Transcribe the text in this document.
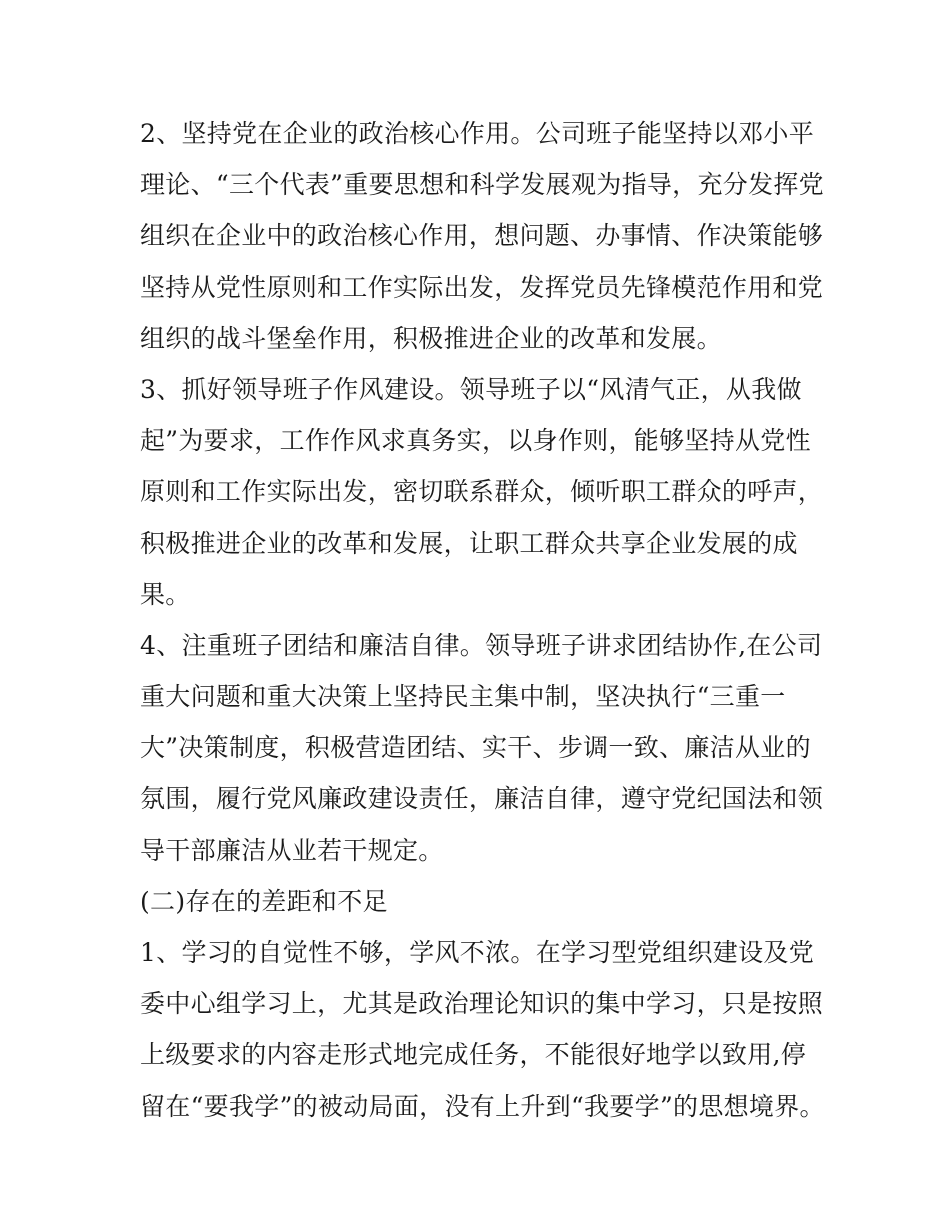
2、坚持党在企业的政治核心作用。公司班子能坚持以邓小平
理论、“三个代表”重要思想和科学发展观为指导，充分发挥党
组织在企业中的政治核心作用，想问题、办事情、作决策能够
坚持从党性原则和工作实际出发，发挥党员先锋模范作用和党
组织的战斗堡垒作用，积极推进企业的改革和发展。
3、抓好领导班子作风建设。领导班子以“风清气正，从我做
起”为要求，工作作风求真务实，以身作则，能够坚持从党性
原则和工作实际出发，密切联系群众，倾听职工群众的呼声，
积极推进企业的改革和发展，让职工群众共享企业发展的成
果。
4、注重班子团结和廉洁自律。领导班子讲求团结协作,在公司
重大问题和重大决策上坚持民主集中制，坚决执行“三重一
大”决策制度，积极营造团结、实干、步调一致、廉洁从业的
氛围，履行党风廉政建设责任，廉洁自律，遵守党纪国法和领
导干部廉洁从业若干规定。
(二)存在的差距和不足
1、学习的自觉性不够，学风不浓。在学习型党组织建设及党
委中心组学习上，尤其是政治理论知识的集中学习，只是按照
上级要求的内容走形式地完成任务，不能很好地学以致用,停
留在“要我学”的被动局面，没有上升到“我要学”的思想境界。
